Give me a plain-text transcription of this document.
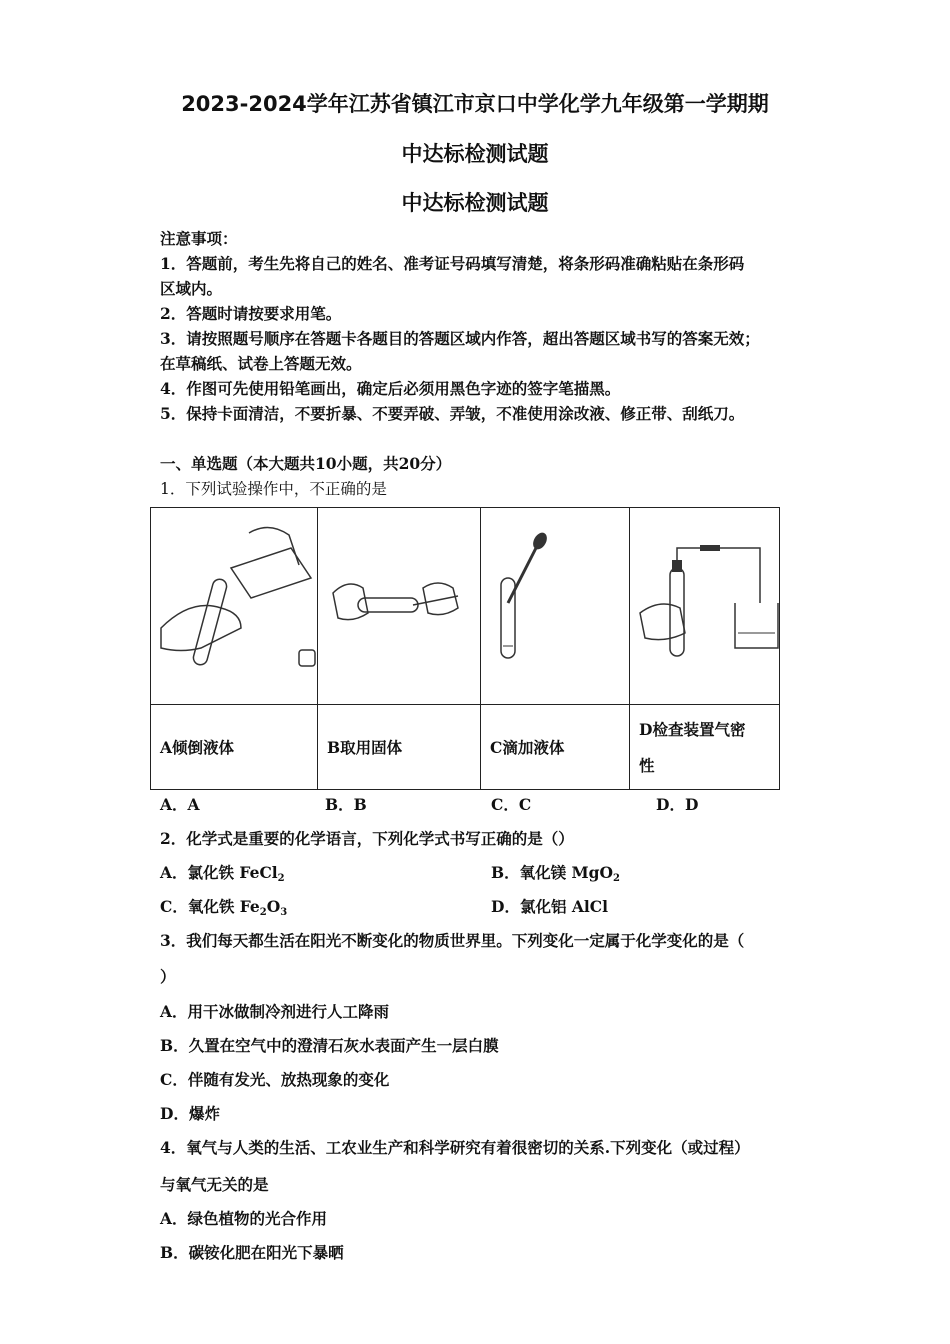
2023-2024学年江苏省镇江市京口中学化学九年级第一学期期
中达标检测试题
中达标检测试题
注意事项：
1．答题前，考生先将自己的姓名、准考证号码填写清楚，将条形码准确粘贴在条形码
区域内。
2．答题时请按要求用笔。
3．请按照题号顺序在答题卡各题目的答题区域内作答，超出答题区域书写的答案无效；
在草稿纸、试卷上答题无效。
4．作图可先使用铅笔画出，确定后必须用黑色字迹的签字笔描黑。
5．保持卡面清洁，不要折暴、不要弄破、弄皱，不准使用涂改液、修正带、刮纸刀。
一、单选题（本大题共10小题，共20分）
1．下列试验操作中，不正确的是

A倾倒液体	B取用固体	C滴加液体	D检查装置气密
性
A．A	B．B	C．C	D．D
2．化学式是重要的化学语言，下列化学式书写正确的是（）
A．氯化铁 FeCl$_2$	B．氧化镁 MgO$_2$
C．氧化铁 $Fe_2O_3$	D．氯化铝 AlCl
3．我们每天都生活在阳光不断变化的物质世界里。下列变化一定属于化学变化的是（
）
A．用干冰做制冷剂进行人工降雨
B．久置在空气中的澄清石灰水表面产生一层白膜
C．伴随有发光、放热现象的变化
D．爆炸
4．氧气与人类的生活、工农业生产和科学研究有着很密切的关系.下列变化（或过程）
与氧气无关的是
A．绿色植物的光合作用
B．碳铵化肥在阳光下暴晒
